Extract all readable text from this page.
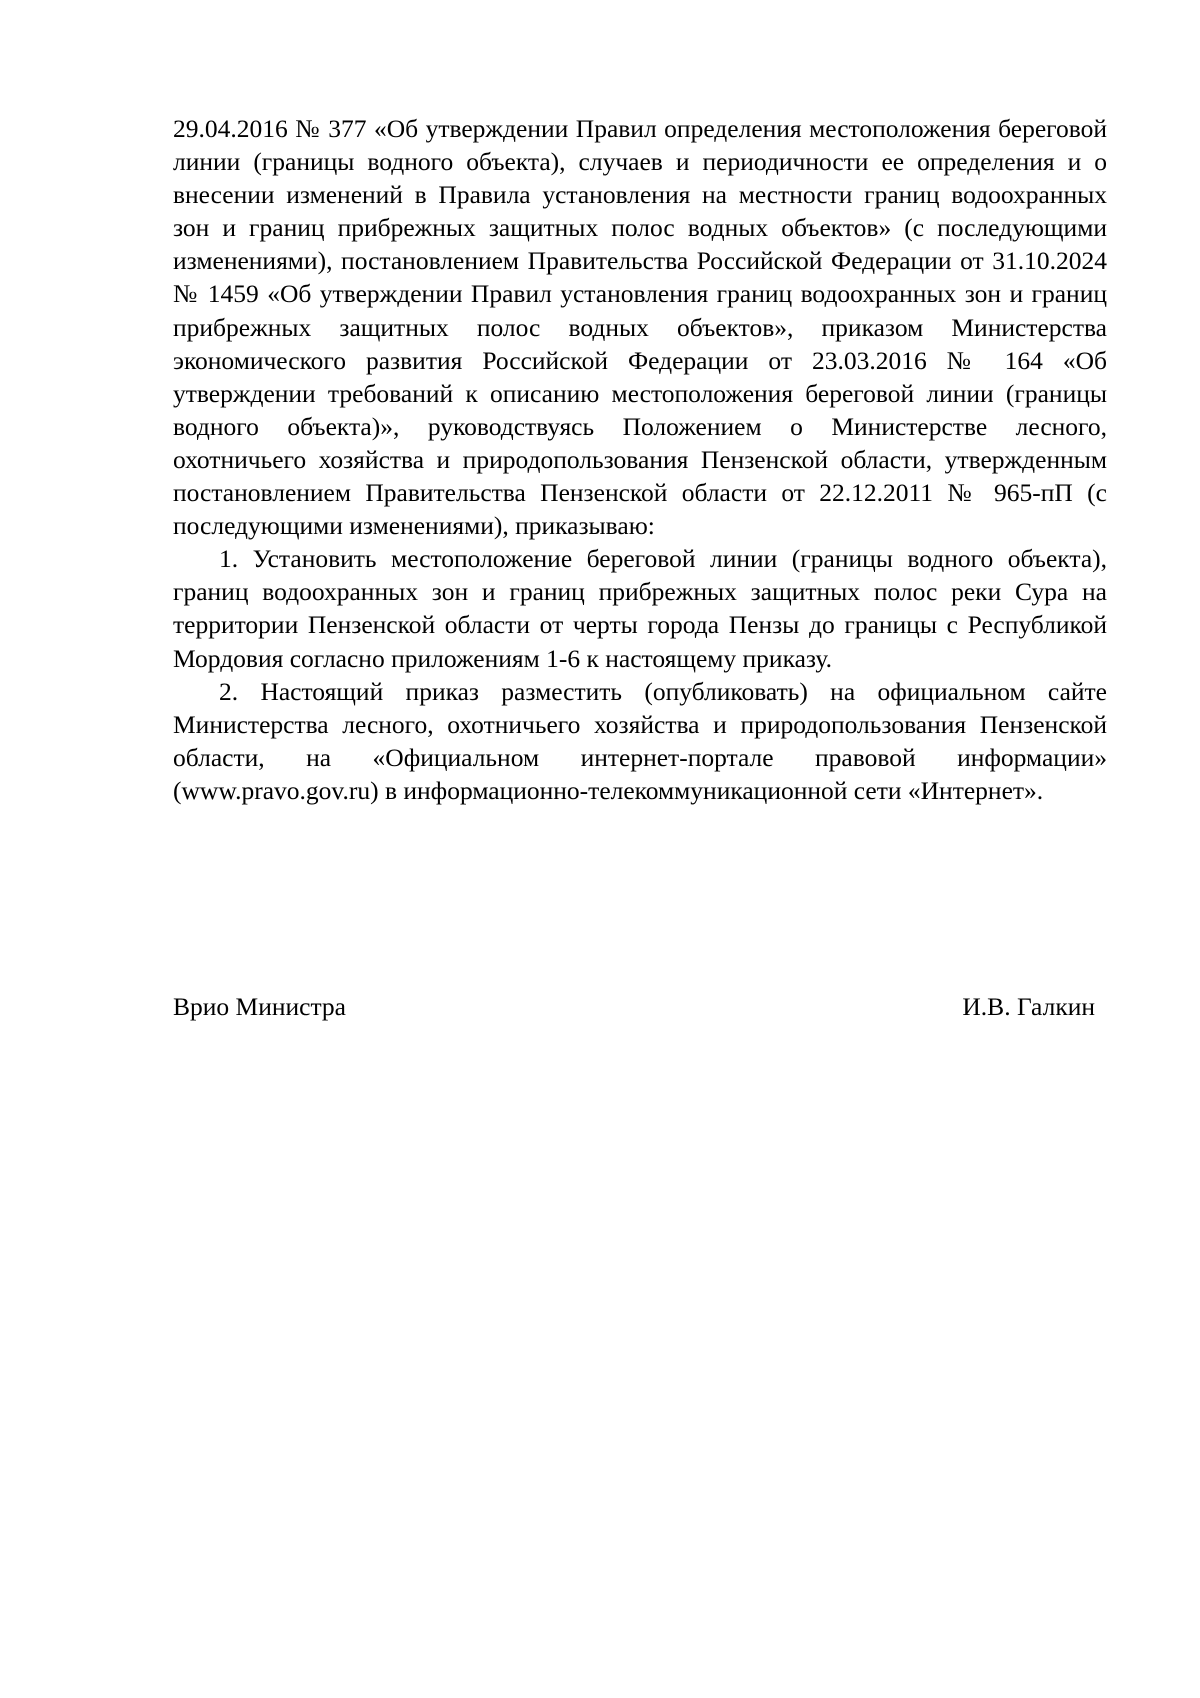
29.04.2016 № 377 «Об утверждении Правил определения местоположения береговой линии (границы водного объекта), случаев и периодичности ее определения и о внесении изменений в Правила установления на местности границ водоохранных зон и границ прибрежных защитных полос водных объектов» (с последующими изменениями), постановлением Правительства Российской Федерации от 31.10.2024 № 1459 «Об утверждении Правил установления границ водоохранных зон и границ прибрежных защитных полос водных объектов», приказом Министерства экономического развития Российской Федерации от 23.03.2016 № 164 «Об утверждении требований к описанию местоположения береговой линии (границы водного объекта)», руководствуясь Положением о Министерстве лесного, охотничьего хозяйства и природопользования Пензенской области, утвержденным постановлением Правительства Пензенской области от 22.12.2011 № 965-пП (с последующими изменениями), приказываю:

1. Установить местоположение береговой линии (границы водного объекта), границ водоохранных зон и границ прибрежных защитных полос реки Сура на территории Пензенской области от черты города Пензы до границы с Республикой Мордовия согласно приложениям 1-6 к настоящему приказу.

2. Настоящий приказ разместить (опубликовать) на официальном сайте Министерства лесного, охотничьего хозяйства и природопользования Пензенской области, на «Официальном интернет-портале правовой информации» (www.pravo.gov.ru) в информационно-телекоммуникационной сети «Интернет».

Врио Министра	И.В. Галкин
